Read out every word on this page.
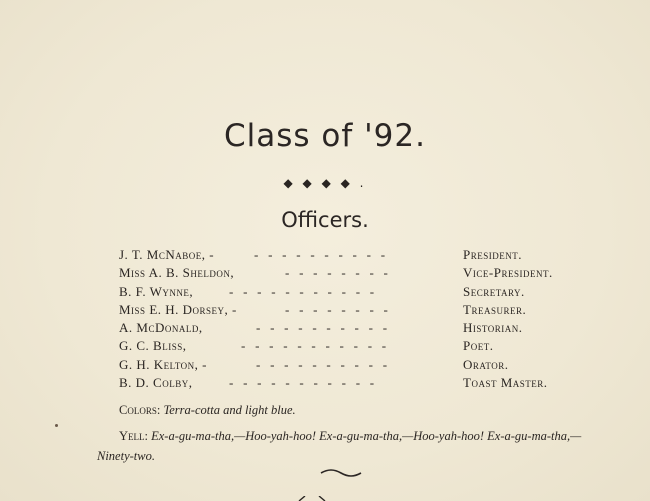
Class of '92.
◆ ◆ ◆ ◆ .
Officers.
J. T. McNaboe, -	-   -   -   -   -   -   -   -   -   -	President.
Miss A. B. Sheldon,	-   -   -   -   -   -   -   -	Vice-President.
B. F. Wynne,	-   -   -   -   -   -   -   -   -   -   -	Secretary.
Miss E. H. Dorsey, -	-   -   -   -   -   -   -   -	Treasurer.
A. McDonald,	-   -   -   -   -   -   -   -   -   -	Historian.
G. C. Bliss,	-   -   -   -   -   -   -   -   -   -   -	Poet.
G. H. Kelton, -	-   -   -   -   -   -   -   -   -   -	Orator.
B. D. Colby,	-   -   -   -   -   -   -   -   -   -   -	Toast Master.
Colors: Terra-cotta and light blue.
Yell: Ex-a-gu-ma-tha,—Hoo-yah-hoo! Ex-a-gu-ma-tha,—Hoo-yah-hoo! Ex-a-gu-ma-tha,—Ninety-two.
